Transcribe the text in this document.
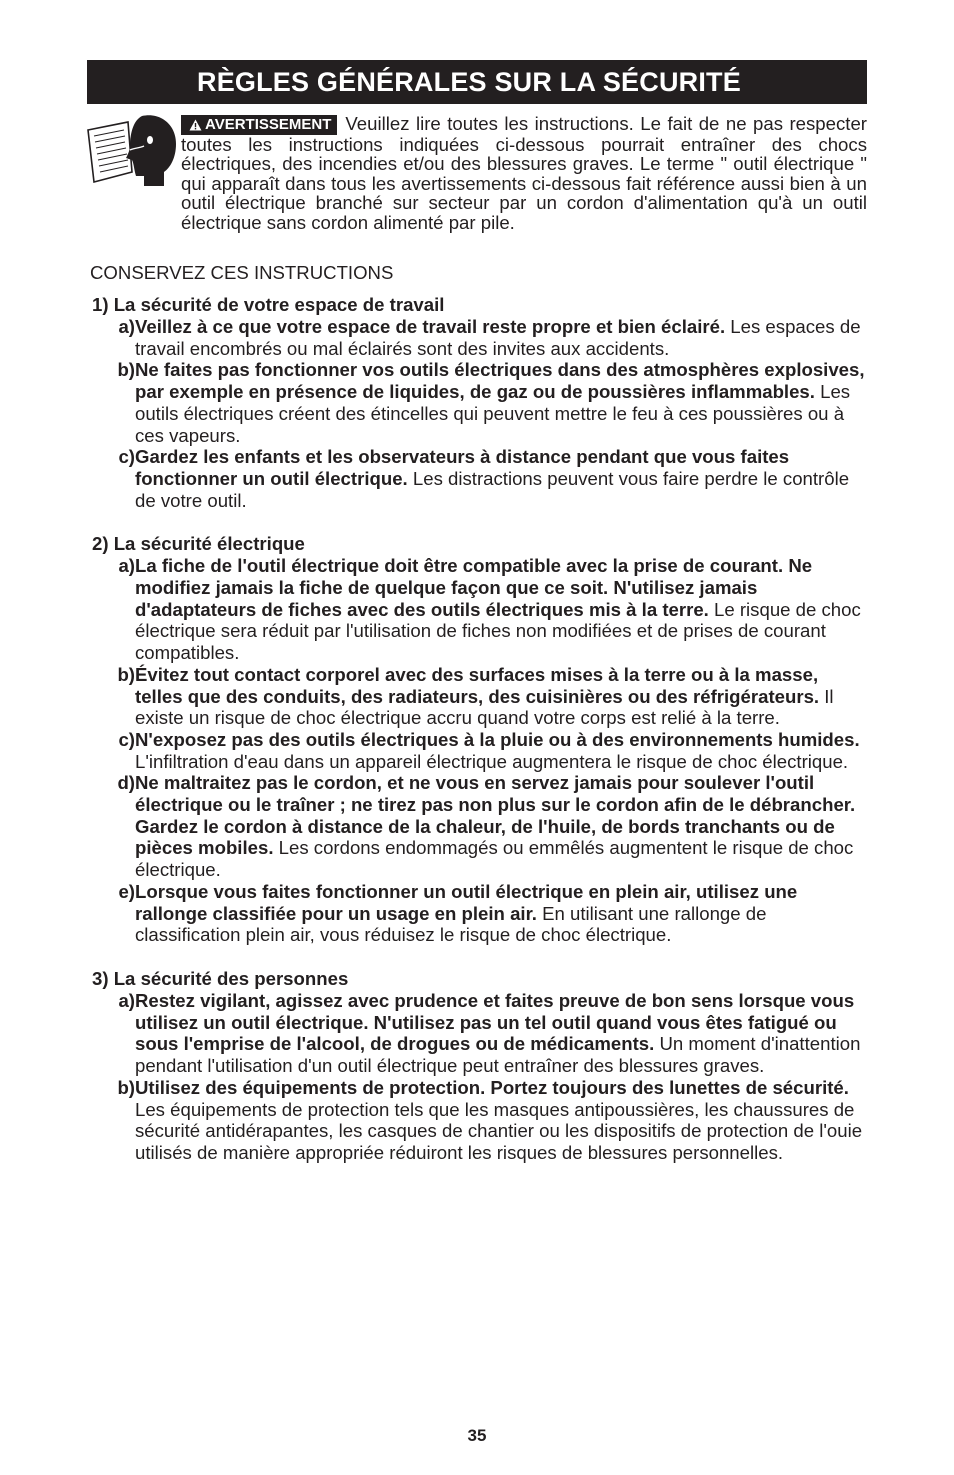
RÈGLES GÉNÉRALES SUR LA SÉCURITÉ
AVERTISSEMENT Veuillez lire toutes les instructions. Le fait de ne pas respecter toutes les instructions indiquées ci-dessous pourrait entraîner des chocs électriques, des incendies et/ou des blessures graves. Le terme " outil électrique " qui apparaît dans tous les avertissements ci-dessous fait référence aussi bien à un outil électrique branché sur secteur par un cordon d'alimentation qu'à un outil électrique sans cordon alimenté par pile.
CONSERVEZ CES INSTRUCTIONS
1) La sécurité de votre espace de travail
a) Veillez à ce que votre espace de travail reste propre et bien éclairé. Les espaces de travail encombrés ou mal éclairés sont des invites aux accidents.
b) Ne faites pas fonctionner vos outils électriques dans des atmosphères explosives, par exemple en présence de liquides, de gaz ou de poussières inflammables. Les outils électriques créent des étincelles qui peuvent mettre le feu à ces poussières ou à ces vapeurs.
c) Gardez les enfants et les observateurs à distance pendant que vous faites fonctionner un outil électrique. Les distractions peuvent vous faire perdre le contrôle de votre outil.
2) La sécurité électrique
a) La fiche de l'outil électrique doit être compatible avec la prise de courant. Ne modifiez jamais la fiche de quelque façon que ce soit. N'utilisez jamais d'adaptateurs de fiches avec des outils électriques mis à la terre. Le risque de choc électrique sera réduit par l'utilisation de fiches non modifiées et de prises de courant compatibles.
b) Évitez tout contact corporel avec des surfaces mises à la terre ou à la masse, telles que des conduits, des radiateurs, des cuisinières ou des réfrigérateurs. Il existe un risque de choc électrique accru quand votre corps est relié à la terre.
c) N'exposez pas des outils électriques à la pluie ou à des environnements humides. L'infiltration d'eau dans un appareil électrique augmentera le risque de choc électrique.
d) Ne maltraitez pas le cordon, et ne vous en servez jamais pour soulever l'outil électrique ou le traîner ; ne tirez pas non plus sur le cordon afin de le débrancher. Gardez le cordon à distance de la chaleur, de l'huile, de bords tranchants ou de pièces mobiles. Les cordons endommagés ou emmêlés augmentent le risque de choc électrique.
e) Lorsque vous faites fonctionner un outil électrique en plein air, utilisez une rallonge classifiée pour un usage en plein air. En utilisant une rallonge de classification plein air, vous réduisez le risque de choc électrique.
3) La sécurité des personnes
a) Restez vigilant, agissez avec prudence et faites preuve de bon sens lorsque vous utilisez un outil électrique. N'utilisez pas un tel outil quand vous êtes fatigué ou sous l'emprise de l'alcool, de drogues ou de médicaments. Un moment d'inattention pendant l'utilisation d'un outil électrique peut entraîner des blessures graves.
b) Utilisez des équipements de protection. Portez toujours des lunettes de sécurité. Les équipements de protection tels que les masques antipoussières, les chaussures de sécurité antidérapantes, les casques de chantier ou les dispositifs de protection de l'ouie utilisés de manière appropriée réduiront les risques de blessures personnelles.
35
